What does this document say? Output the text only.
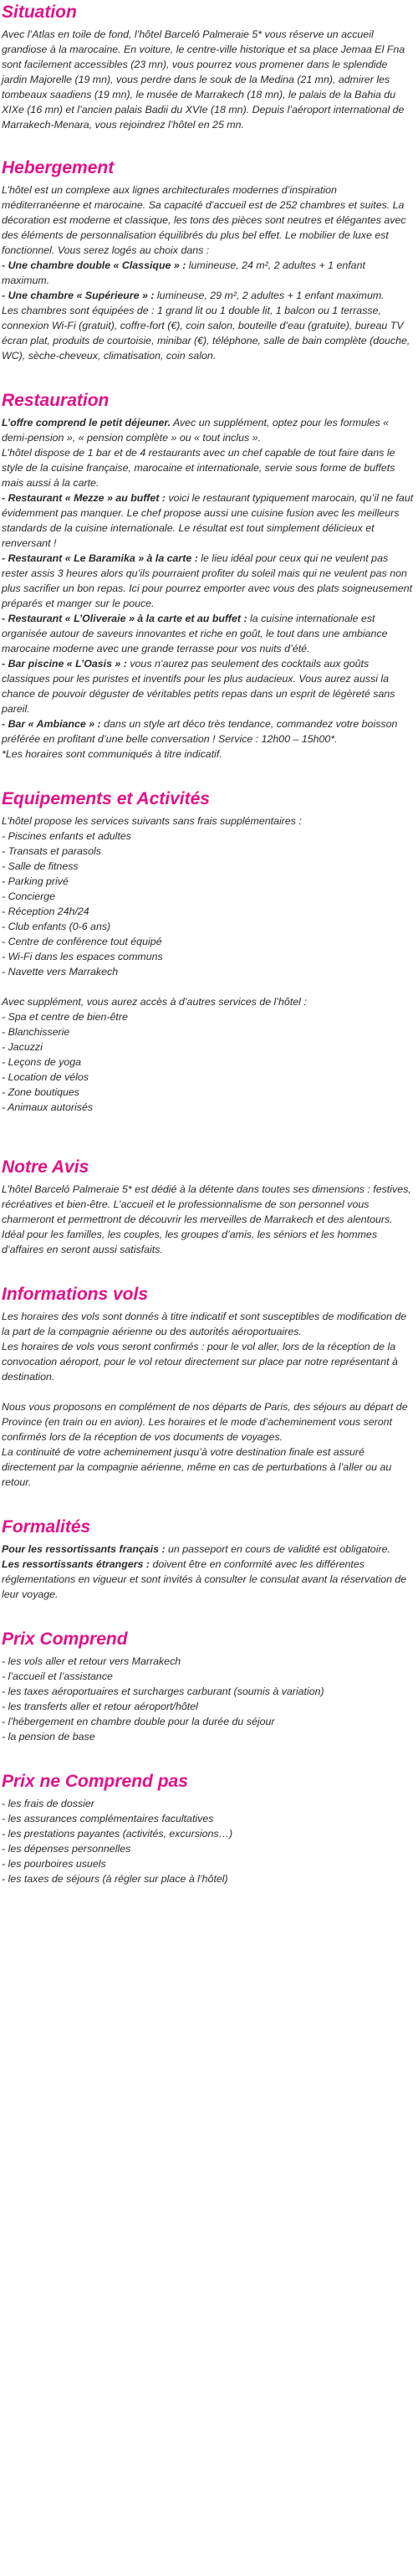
Situation

Avec l’Atlas en toile de fond, l’hôtel Barceló Palmeraie 5* vous réserve un accueil grandiose à la marocaine. En voiture, le centre-ville historique et sa place Jemaa El Fna sont facilement accessibles (23 mn), vous pourrez vous promener dans le splendide jardin Majorelle (19 mn), vous perdre dans le souk de la Medina (21 mn), admirer les tombeaux saadiens (19 mn), le musée de Marrakech (18 mn), le palais de la Bahia du XIXe (16 mn) et l’ancien palais Badii du XVIe (18 mn). Depuis l’aéroport international de Marrakech-Menara, vous rejoindrez l’hôtel en 25 mn.

Hebergement

L’hôtel est un complexe aux lignes architecturales modernes d’inspiration méditerranéenne et marocaine. Sa capacité d’accueil est de 252 chambres et suites. La décoration est moderne et classique, les tons des pièces sont neutres et élégantes avec des éléments de personnalisation équilibrés du plus bel effet. Le mobilier de luxe est fonctionnel. Vous serez logés au choix dans :

- Une chambre double « Classique » : lumineuse, 24 m², 2 adultes + 1 enfant maximum.

- Une chambre « Supérieure » : lumineuse, 29 m², 2 adultes + 1 enfant maximum.

Les chambres sont équipées de : 1 grand lit ou 1 double lit, 1 balcon ou 1 terrasse, connexion Wi-Fi (gratuit), coffre-fort (€), coin salon, bouteille d’eau (gratuite), bureau TV écran plat, produits de courtoisie, minibar (€), téléphone, salle de bain complète (douche, WC), sèche-cheveux, climatisation, coin salon.

Restauration

L’offre comprend le petit déjeuner. Avec un supplément, optez pour les formules « demi-pension », « pension complète » ou « tout inclus ».

L’hôtel dispose de 1 bar et de 4 restaurants avec un chef capable de tout faire dans le style de la cuisine française, marocaine et internationale, servie sous forme de buffets mais aussi à la carte.

- Restaurant « Mezze » au buffet : voici le restaurant typiquement marocain, qu’il ne faut évidemment pas manquer. Le chef propose aussi une cuisine fusion avec les meilleurs standards de la cuisine internationale. Le résultat est tout simplement délicieux et renversant !

- Restaurant « Le Baramika » à la carte : le lieu idéal pour ceux qui ne veulent pas rester assis 3 heures alors qu’ils pourraient profiter du soleil mais qui ne veulent pas non plus sacrifier un bon repas. Ici pour pourrez emporter avec vous des plats soigneusement préparés et manger sur le pouce.

- Restaurant « L’Oliveraie » à la carte et au buffet : la cuisine internationale est organisée autour de saveurs innovantes et riche en goût, le tout dans une ambiance marocaine moderne avec une grande terrasse pour vos nuits d’été.

- Bar piscine « L’Oasis » : vous n’aurez pas seulement des cocktails aux goûts classiques pour les puristes et inventifs pour les plus audacieux. Vous aurez aussi la chance de pouvoir déguster de véritables petits repas dans un esprit de légèreté sans pareil.

- Bar « Ambiance » : dans un style art déco très tendance, commandez votre boisson préférée en profitant d’une belle conversation ! Service : 12h00 – 15h00*.

*Les horaires sont communiqués à titre indicatif.

Equipements et Activités

L’hôtel propose les services suivants sans frais supplémentaires :

- Piscines enfants et adultes
- Transats et parasols
- Salle de fitness
- Parking privé
- Concierge
- Réception 24h/24
- Club enfants (0-6 ans)
- Centre de conférence tout équipé
- Wi-Fi dans les espaces communs
- Navette vers Marrakech

Avec supplément, vous aurez accès à d’autres services de l’hôtel :

- Spa et centre de bien-être
- Blanchisserie
- Jacuzzi
- Leçons de yoga
- Location de vélos
- Zone boutiques
- Animaux autorisés
Notre Avis

L’hôtel Barceló Palmeraie 5* est dédié à la détente dans toutes ses dimensions : festives, récréatives et bien-être. L’accueil et le professionnalisme de son personnel vous charmeront et permettront de découvrir les merveilles de Marrakech et des alentours. Idéal pour les familles, les couples, les groupes d’amis, les séniors et les hommes d’affaires en seront aussi satisfaits.

Informations vols

Les horaires des vols sont donnés à titre indicatif et sont susceptibles de modification de la part de la compagnie aérienne ou des autorités aéroportuaires.

Les horaires de vols vous seront confirmés : pour le vol aller, lors de la réception de la convocation aéroport, pour le vol retour directement sur place par notre représentant à destination.

Nous vous proposons en complément de nos départs de Paris, des séjours au départ de Province (en train ou en avion). Les horaires et le mode d’acheminement vous seront confirmés lors de la réception de vos documents de voyages.

La continuité de votre acheminement jusqu’à votre destination finale est assuré directement par la compagnie aérienne, même en cas de perturbations à l’aller ou au retour.

Formalités

Pour les ressortissants français : un passeport en cours de validité est obligatoire.

Les ressortissants étrangers : doivent être en conformité avec les différentes réglementations en vigueur et sont invités à consulter le consulat avant la réservation de leur voyage.

Prix Comprend
- les vols aller et retour vers Marrakech
- l’accueil et l’assistance
- les taxes aéroportuaires et surcharges carburant (soumis à variation)
- les transferts aller et retour aéroport/hôtel
- l’hébergement en chambre double pour la durée du séjour
- la pension de base
Prix ne Comprend pas
- les frais de dossier
- les assurances complémentaires facultatives
- les prestations payantes (activités, excursions…)
- les dépenses personnelles
- les pourboires usuels
- les taxes de séjours (à régler sur place à l’hôtel)
